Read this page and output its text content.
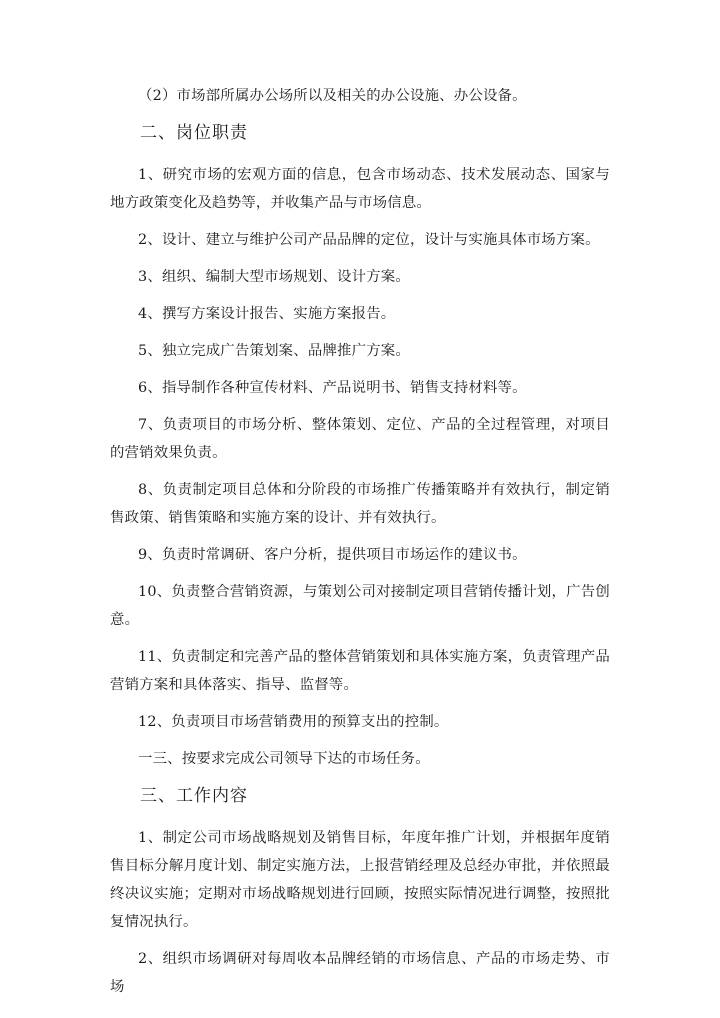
（2）市场部所属办公场所以及相关的办公设施、办公设备。

二、岗位职责

1、研究市场的宏观方面的信息，包含市场动态、技术发展动态、国家与地方政策变化及趋势等，并收集产品与市场信息。

2、设计、建立与维护公司产品品牌的定位，设计与实施具体市场方案。

3、组织、编制大型市场规划、设计方案。

4、撰写方案设计报告、实施方案报告。

5、独立完成广告策划案、品牌推广方案。

6、指导制作各种宣传材料、产品说明书、销售支持材料等。

7、负责项目的市场分析、整体策划、定位、产品的全过程管理，对项目的营销效果负责。

8、负责制定项目总体和分阶段的市场推广传播策略并有效执行，制定销售政策、销售策略和实施方案的设计、并有效执行。

9、负责时常调研、客户分析，提供项目市场运作的建议书。

10、负责整合营销资源，与策划公司对接制定项目营销传播计划，广告创意。

11、负责制定和完善产品的整体营销策划和具体实施方案，负责管理产品营销方案和具体落实、指导、监督等。

12、负责项目市场营销费用的预算支出的控制。

一三、按要求完成公司领导下达的市场任务。

三、工作内容

1、制定公司市场战略规划及销售目标，年度年推广计划，并根据年度销售目标分解月度计划、制定实施方法，上报营销经理及总经办审批，并依照最终决议实施；定期对市场战略规划进行回顾，按照实际情况进行调整，按照批复情况执行。

2、组织市场调研对每周收本品牌经销的市场信息、产品的市场走势、市场
